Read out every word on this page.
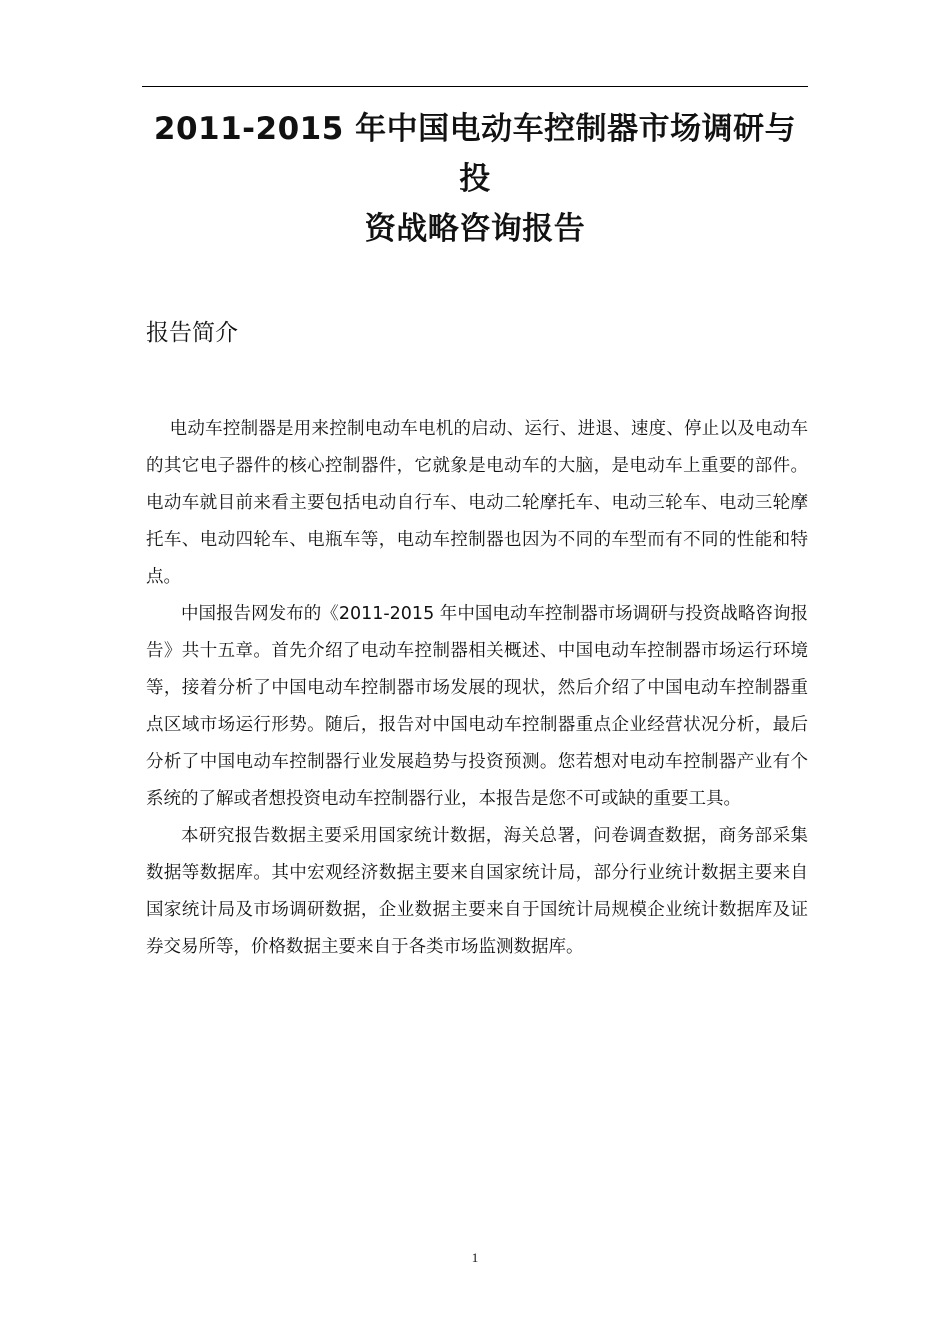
2011-2015 年中国电动车控制器市场调研与投
资战略咨询报告
报告简介

电动车控制器是用来控制电动车电机的启动、运行、进退、速度、停止以及电动车的其它电子器件的核心控制器件，它就象是电动车的大脑，是电动车上重要的部件。电动车就目前来看主要包括电动自行车、电动二轮摩托车、电动三轮车、电动三轮摩托车、电动四轮车、电瓶车等，电动车控制器也因为不同的车型而有不同的性能和特点。

中国报告网发布的《2011-2015 年中国电动车控制器市场调研与投资战略咨询报告》共十五章。首先介绍了电动车控制器相关概述、中国电动车控制器市场运行环境等，接着分析了中国电动车控制器市场发展的现状，然后介绍了中国电动车控制器重点区域市场运行形势。随后，报告对中国电动车控制器重点企业经营状况分析，最后分析了中国电动车控制器行业发展趋势与投资预测。您若想对电动车控制器产业有个系统的了解或者想投资电动车控制器行业，本报告是您不可或缺的重要工具。

本研究报告数据主要采用国家统计数据，海关总署，问卷调查数据，商务部采集数据等数据库。其中宏观经济数据主要来自国家统计局，部分行业统计数据主要来自国家统计局及市场调研数据，企业数据主要来自于国统计局规模企业统计数据库及证券交易所等，价格数据主要来自于各类市场监测数据库。

1
